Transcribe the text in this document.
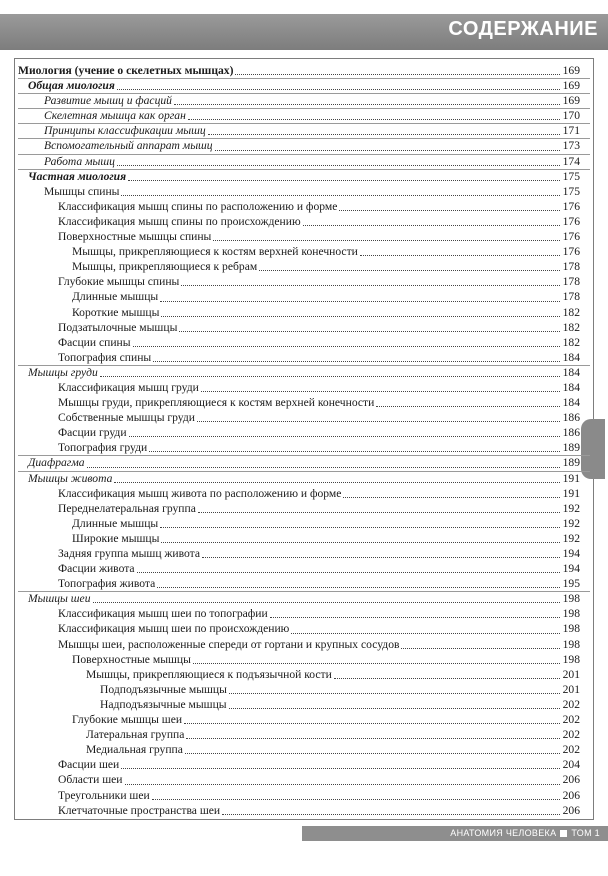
СОДЕРЖАНИЕ
Миология (учение о скелетных мышцах)	169
Общая миология	169
Развитие мышц и фасций	169
Скелетная мышца как орган	170
Принципы классификации мышц	171
Вспомогательный аппарат мышц	173
Работа мышц	174
Частная миология	175
Мышцы спины	175
Классификация мышц спины по расположению и форме	176
Классификация мышц спины по происхождению	176
Поверхностные мышцы спины	176
Мышцы, прикрепляющиеся к костям верхней конечности	176
Мышцы, прикрепляющиеся к ребрам	178
Глубокие мышцы спины	178
Длинные мышцы	178
Короткие мышцы	182
Подзатылочные мышцы	182
Фасции спины	182
Топография спины	184
Мышцы груди	184
Классификация мышц груди	184
Мышцы груди, прикрепляющиеся к костям верхней конечности	184
Собственные мышцы груди	186
Фасции груди	186
Топография груди	189
Диафрагма	189
Мышцы живота	191
Классификация мышц живота по расположению и форме	191
Переднелатеральная группа	192
Длинные мышцы	192
Широкие мышцы	192
Задняя группа мышц живота	194
Фасции живота	194
Топография живота	195
Мышцы шеи	198
Классификация мышц шеи по топографии	198
Классификация мышц шеи по происхождению	198
Мышцы шеи, расположенные спереди от гортани и крупных сосудов	198
Поверхностные мышцы	198
Мышцы, прикрепляющиеся к подъязычной кости	201
Подподъязычные мышцы	201
Надподъязычные мышцы	202
Глубокие мышцы шеи	202
Латеральная группа	202
Медиальная группа	202
Фасции шеи	204
Области шеи	206
Треугольники шеи	206
Клетчаточные пространства шеи	206
АНАТОМИЯ ЧЕЛОВЕКА ТОМ 1
